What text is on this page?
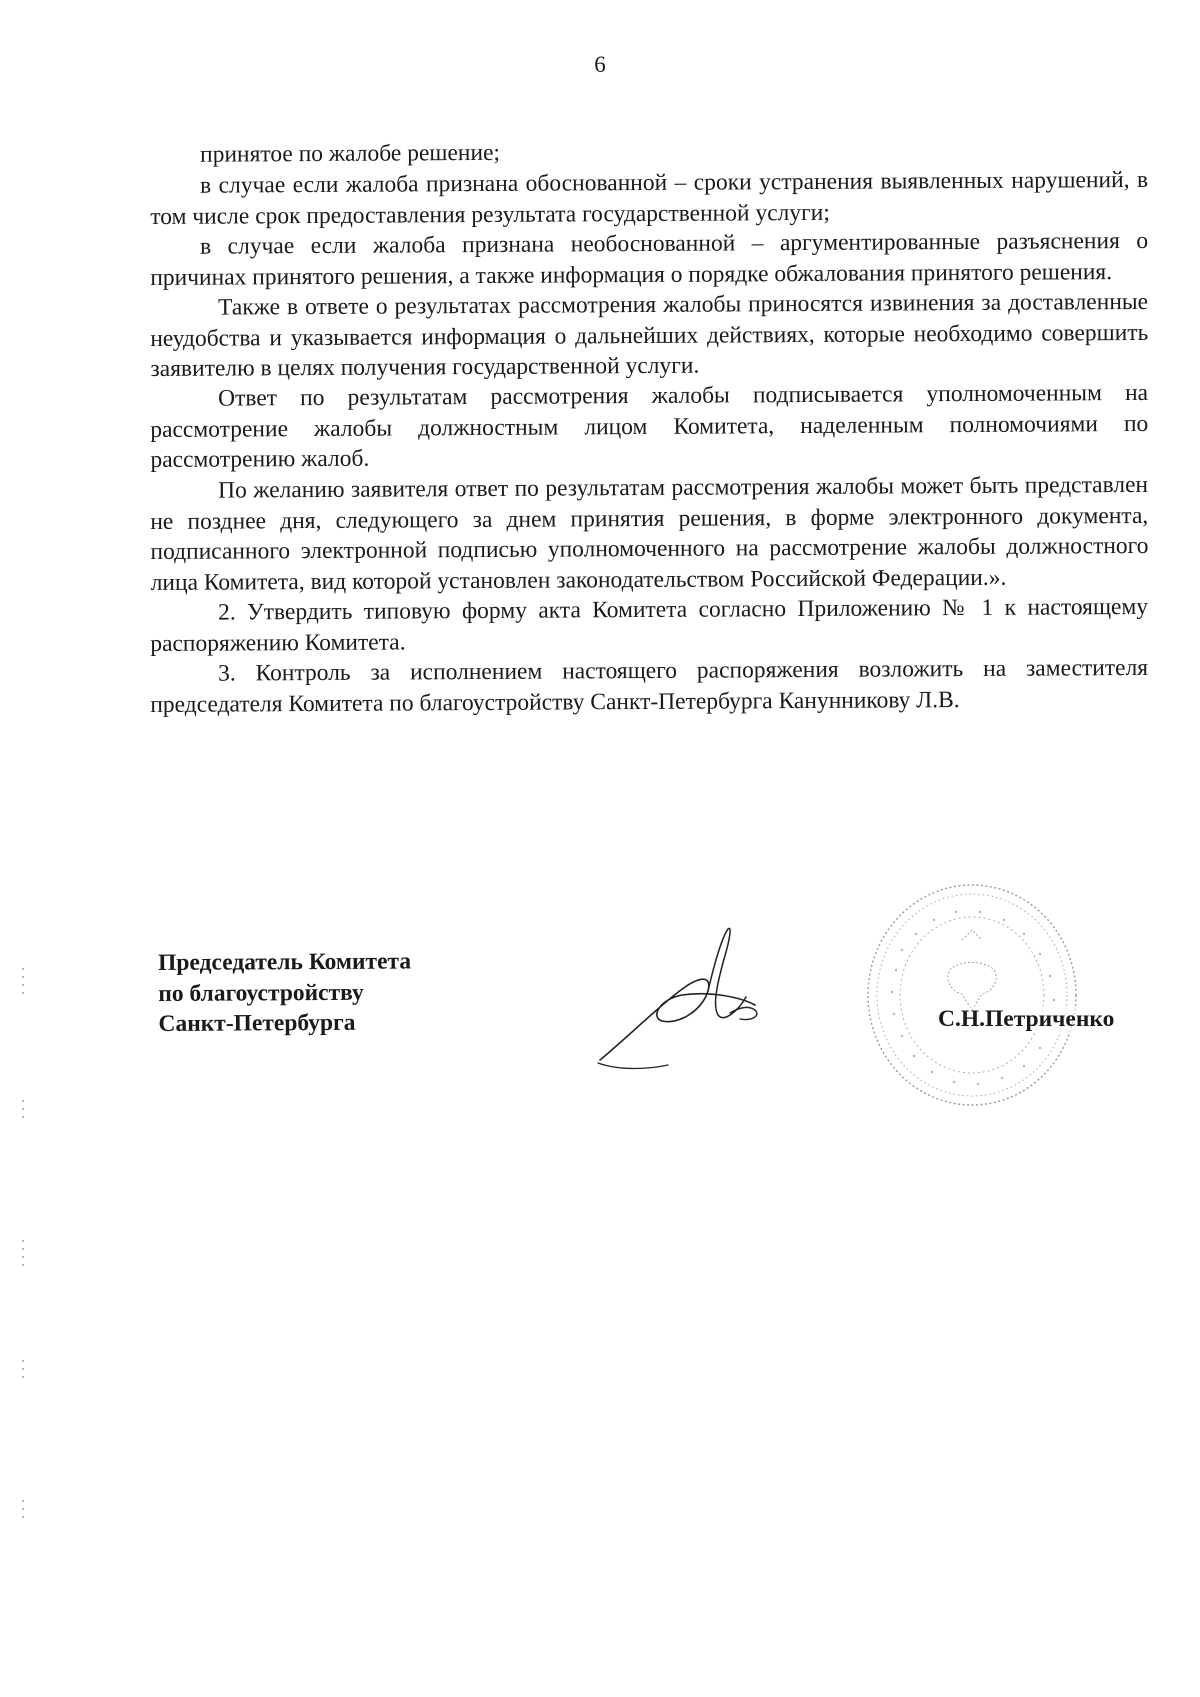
6

принятое по жалобе решение;

в случае если жалоба признана обоснованной – сроки устранения выявленных нарушений, в том числе срок предоставления результата государственной услуги;

в случае если жалоба признана необоснованной – аргументированные разъяснения о причинах принятого решения, а также информация о порядке обжалования принятого решения.

Также в ответе о результатах рассмотрения жалобы приносятся извинения за доставленные неудобства и указывается информация о дальнейших действиях, которые необходимо совершить заявителю в целях получения государственной услуги.

Ответ по результатам рассмотрения жалобы подписывается уполномоченным на рассмотрение жалобы должностным лицом Комитета, наделенным полномочиями по рассмотрению жалоб.

По желанию заявителя ответ по результатам рассмотрения жалобы может быть представлен не позднее дня, следующего за днем принятия решения, в форме электронного документа, подписанного электронной подписью уполномоченного на рассмотрение жалобы должностного лица Комитета, вид которой установлен законодательством Российской Федерации.».

2. Утвердить типовую форму акта Комитета согласно Приложению № 1 к настоящему распоряжению Комитета.

3. Контроль за исполнением настоящего распоряжения возложить на заместителя председателя Комитета по благоустройству Санкт-Петербурга Канунникову Л.В.

Председатель Комитета
по благоустройству
Санкт-Петербурга	С.Н.Петриченко
